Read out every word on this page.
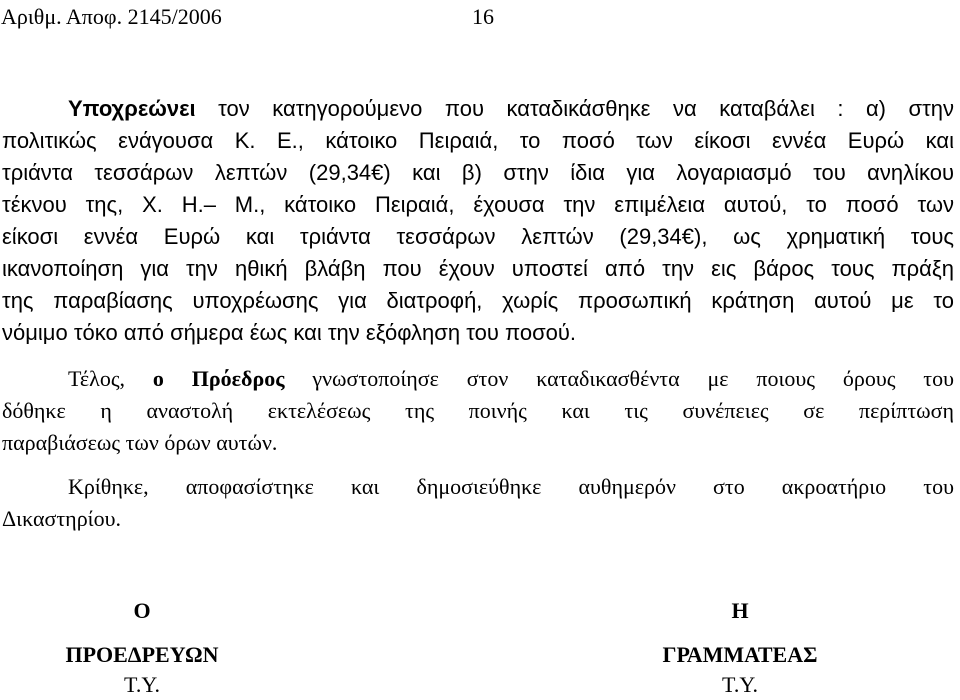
Αριθμ. Αποφ. 2145/2006	16
Υποχρεώνει τον κατηγορούμενο που καταδικάσθηκε να καταβάλει : α) στην
πολιτικώς ενάγουσα Κ. Ε., κάτοικο Πειραιά, το ποσό των είκοσι εννέα Ευρώ και
τριάντα τεσσάρων λεπτών (29,34€) και β) στην ίδια για λογαριασμό του ανηλίκου
τέκνου της, Χ. Η.– Μ., κάτοικο Πειραιά, έχουσα την επιμέλεια αυτού, το ποσό των
είκοσι εννέα Ευρώ και τριάντα τεσσάρων λεπτών (29,34€), ως χρηματική τους
ικανοποίηση για την ηθική βλάβη που έχουν υποστεί από την εις βάρος τους πράξη
της παραβίασης υποχρέωσης για διατροφή, χωρίς προσωπική κράτηση αυτού με το
νόμιμο τόκο από σήμερα έως και την εξόφληση του ποσού.
Τέλος, ο Πρόεδρος γνωστοποίησε στον καταδικασθέντα με ποιους όρους του
δόθηκε η αναστολή εκτελέσεως της ποινής και τις συνέπειες σε περίπτωση
παραβιάσεως των όρων αυτών.
Κρίθηκε, αποφασίστηκε και δημοσιεύθηκε αυθημερόν στο ακροατήριο του
Δικαστηρίου.
Ο
ΠΡΟΕΔΡΕΥΩΝ
Τ.Υ.
Η
ΓΡΑΜΜΑΤΕΑΣ
Τ.Υ.
